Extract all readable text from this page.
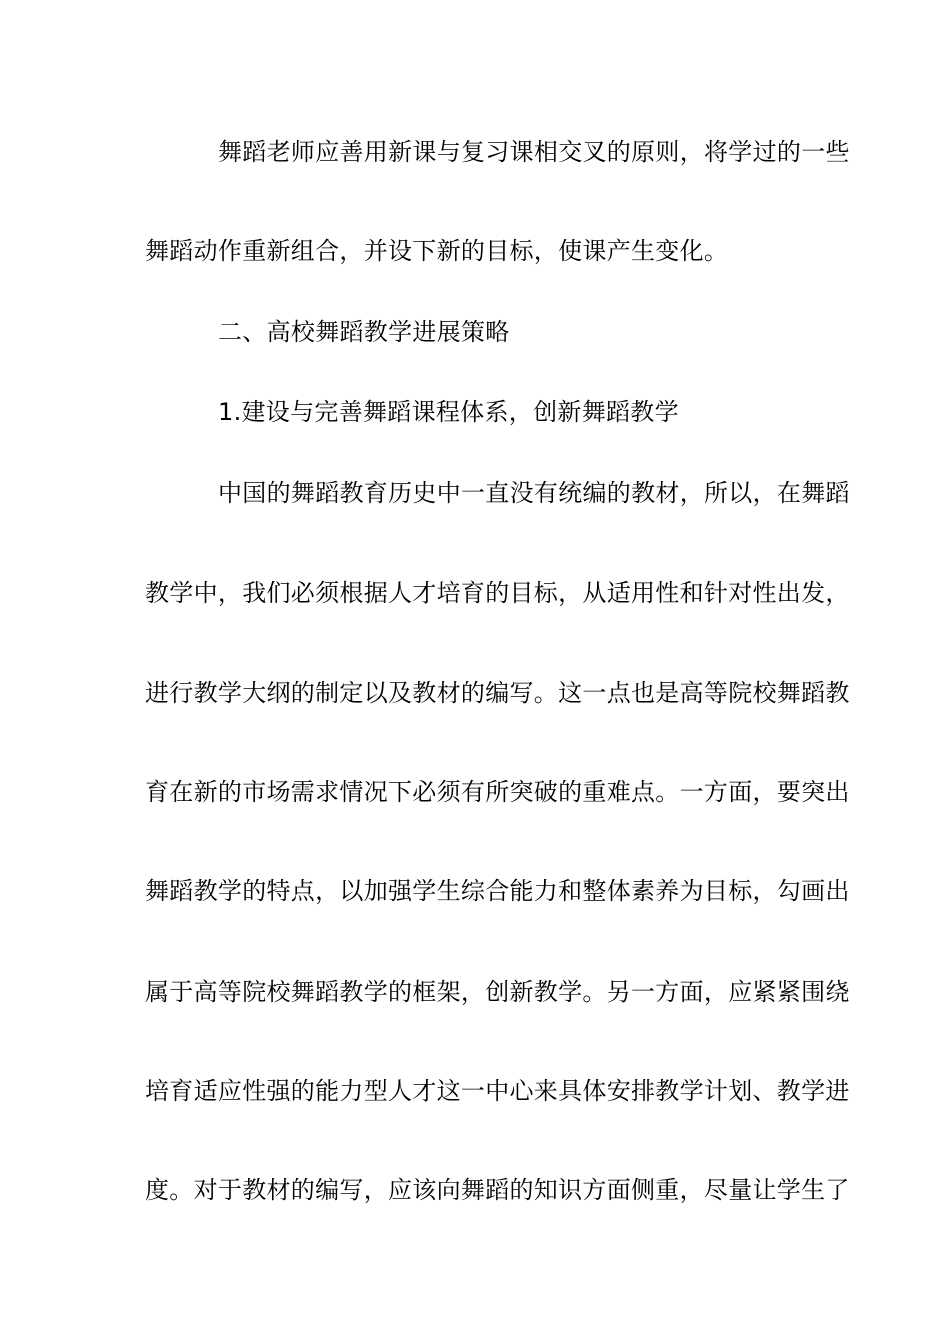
舞蹈老师应善用新课与复习课相交叉的原则，将学过的一些
舞蹈动作重新组合，并设下新的目标，使课产生变化。
二、高校舞蹈教学进展策略
1.建设与完善舞蹈课程体系，创新舞蹈教学
中国的舞蹈教育历史中一直没有统编的教材，所以，在舞蹈
教学中，我们必须根据人才培育的目标，从适用性和针对性出发，
进行教学大纲的制定以及教材的编写。这一点也是高等院校舞蹈教
育在新的市场需求情况下必须有所突破的重难点。一方面，要突出
舞蹈教学的特点，以加强学生综合能力和整体素养为目标，勾画出
属于高等院校舞蹈教学的框架，创新教学。另一方面，应紧紧围绕
培育适应性强的能力型人才这一中心来具体安排教学计划、教学进
度。对于教材的编写，应该向舞蹈的知识方面侧重，尽量让学生了
